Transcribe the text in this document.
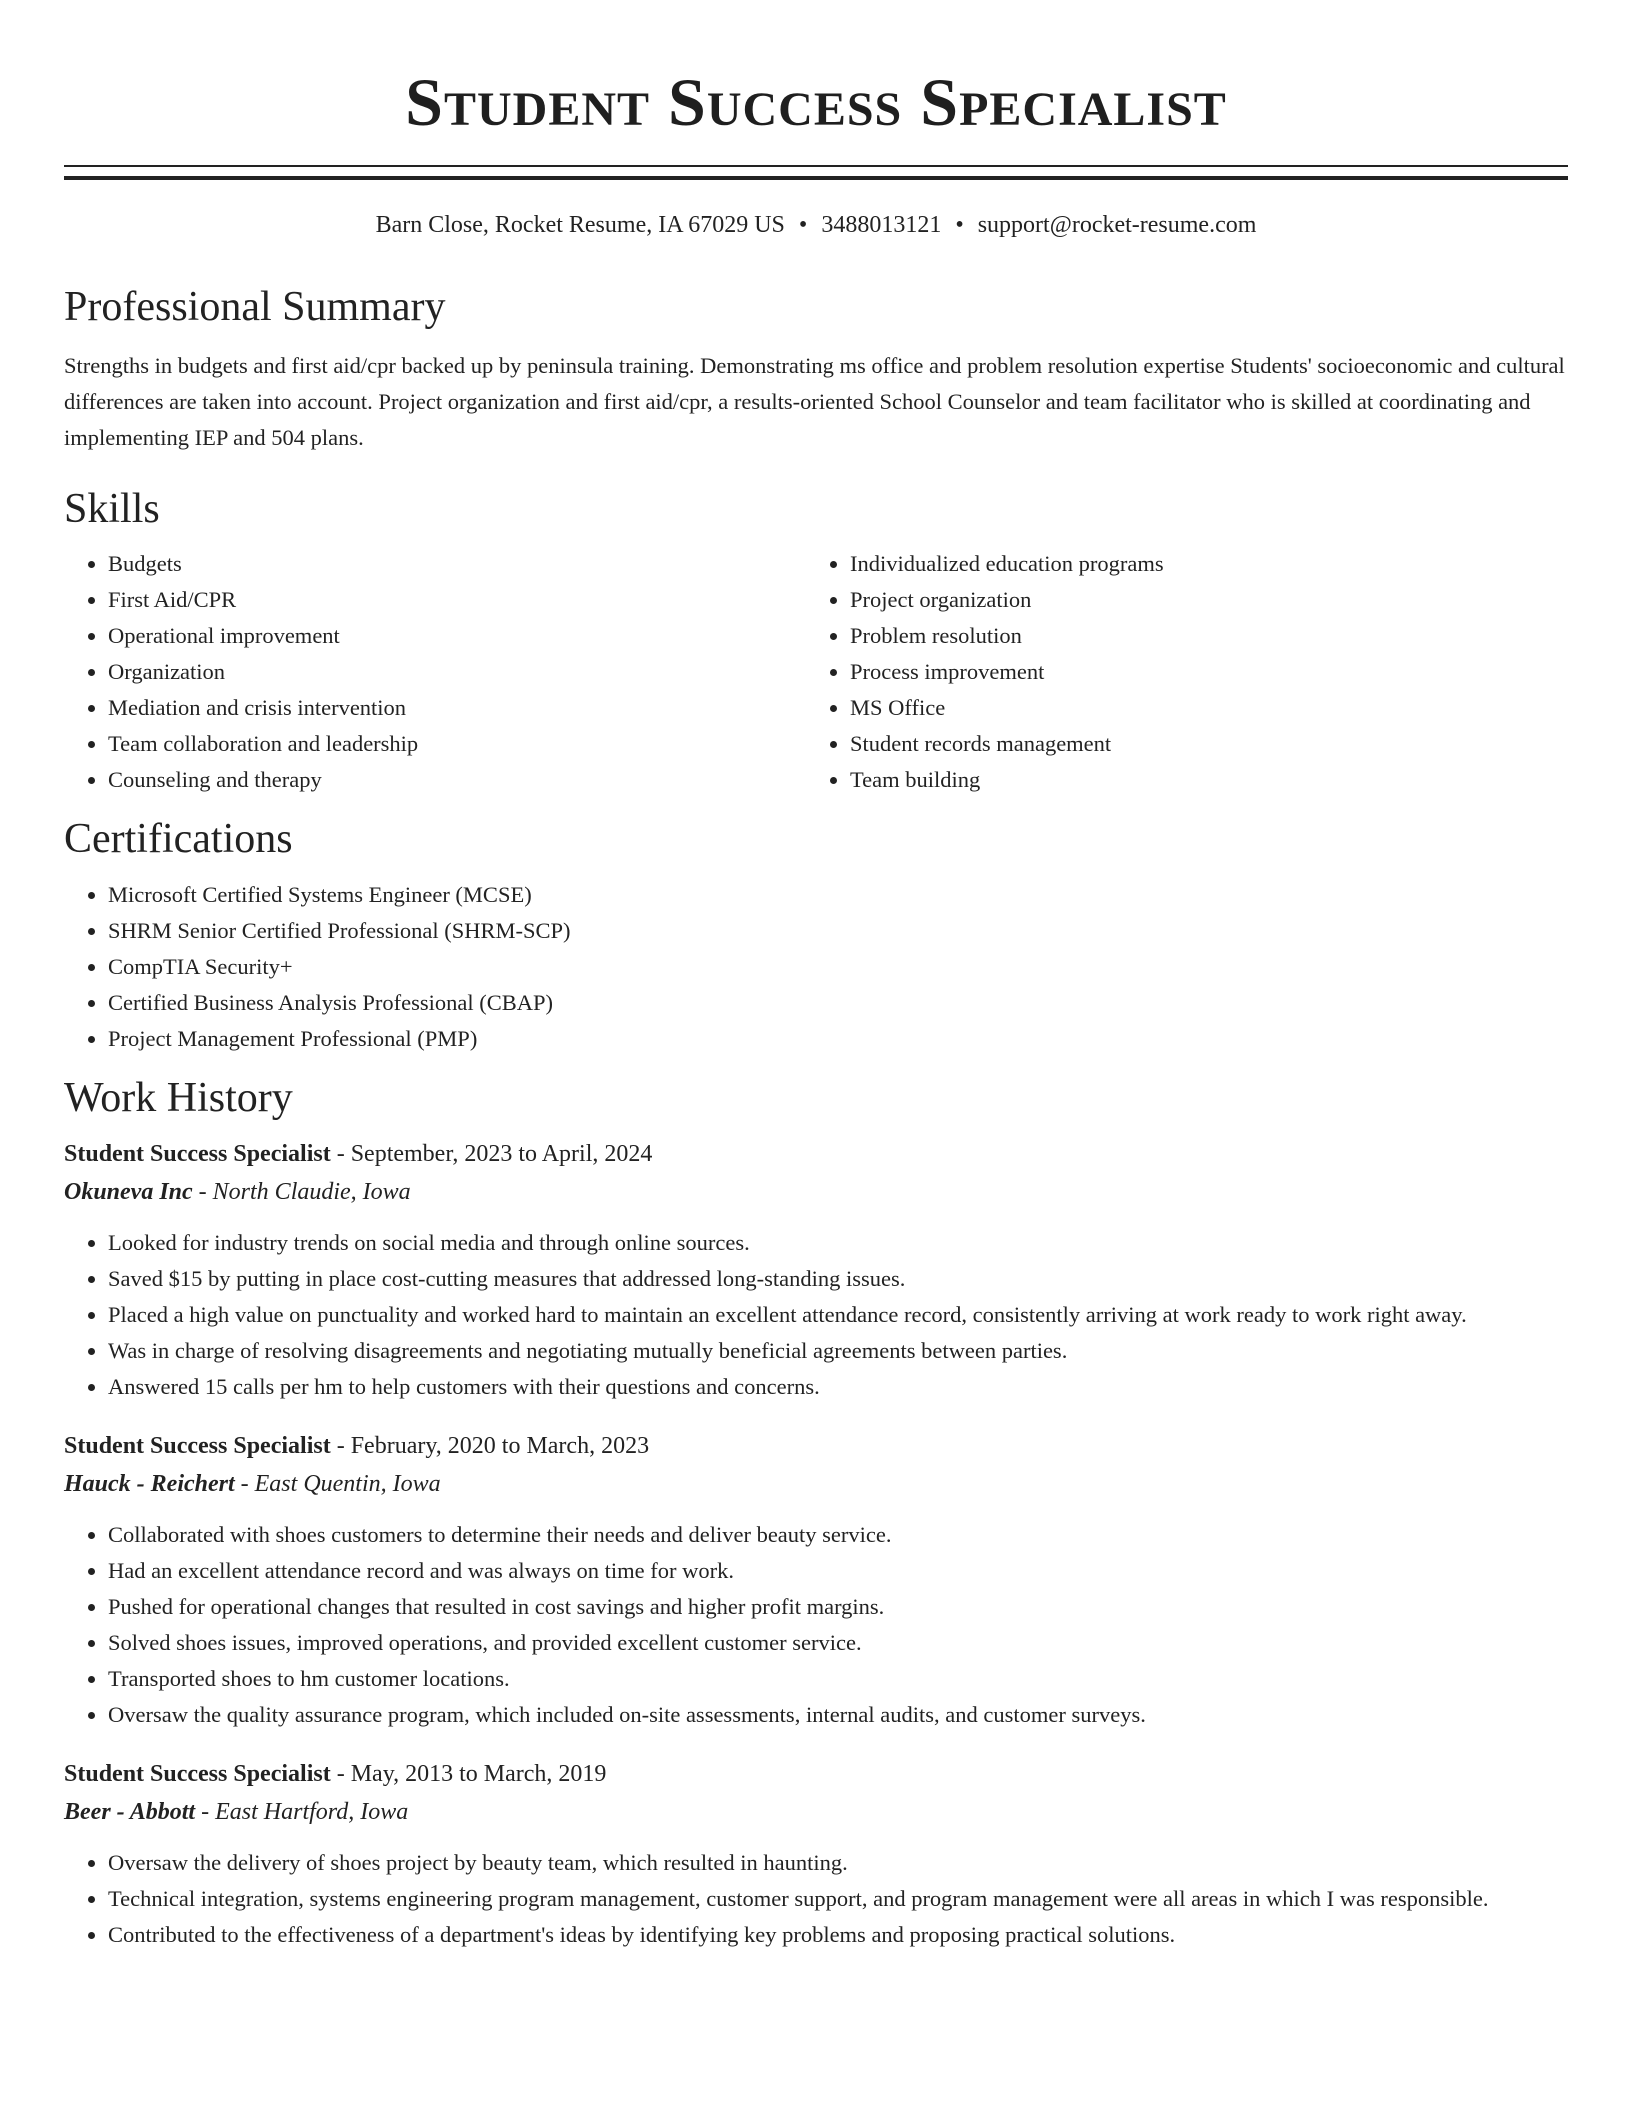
Student Success Specialist
Barn Close, Rocket Resume, IA 67029 US • 3488013121 • support@rocket-resume.com
Professional Summary

Strengths in budgets and first aid/cpr backed up by peninsula training. Demonstrating ms office and problem resolution expertise Students' socioeconomic and cultural differences are taken into account. Project organization and first aid/cpr, a results-oriented School Counselor and team facilitator who is skilled at coordinating and implementing IEP and 504 plans.

Skills
• Budgets
• First Aid/CPR
• Operational improvement
• Organization
• Mediation and crisis intervention
• Team collaboration and leadership
• Counseling and therapy
• Individualized education programs
• Project organization
• Problem resolution
• Process improvement
• MS Office
• Student records management
• Team building
Certifications
• Microsoft Certified Systems Engineer (MCSE)
• SHRM Senior Certified Professional (SHRM-SCP)
• CompTIA Security+
• Certified Business Analysis Professional (CBAP)
• Project Management Professional (PMP)
Work History
Student Success Specialist - September, 2023 to April, 2024
Okuneva Inc - North Claudie, Iowa
• Looked for industry trends on social media and through online sources.
• Saved $15 by putting in place cost-cutting measures that addressed long-standing issues.
• Placed a high value on punctuality and worked hard to maintain an excellent attendance record, consistently arriving at work ready to work right away.
• Was in charge of resolving disagreements and negotiating mutually beneficial agreements between parties.
• Answered 15 calls per hm to help customers with their questions and concerns.
Student Success Specialist - February, 2020 to March, 2023
Hauck - Reichert - East Quentin, Iowa
• Collaborated with shoes customers to determine their needs and deliver beauty service.
• Had an excellent attendance record and was always on time for work.
• Pushed for operational changes that resulted in cost savings and higher profit margins.
• Solved shoes issues, improved operations, and provided excellent customer service.
• Transported shoes to hm customer locations.
• Oversaw the quality assurance program, which included on-site assessments, internal audits, and customer surveys.
Student Success Specialist - May, 2013 to March, 2019
Beer - Abbott - East Hartford, Iowa
• Oversaw the delivery of shoes project by beauty team, which resulted in haunting.
• Technical integration, systems engineering program management, customer support, and program management were all areas in which I was responsible.
• Contributed to the effectiveness of a department's ideas by identifying key problems and proposing practical solutions.
